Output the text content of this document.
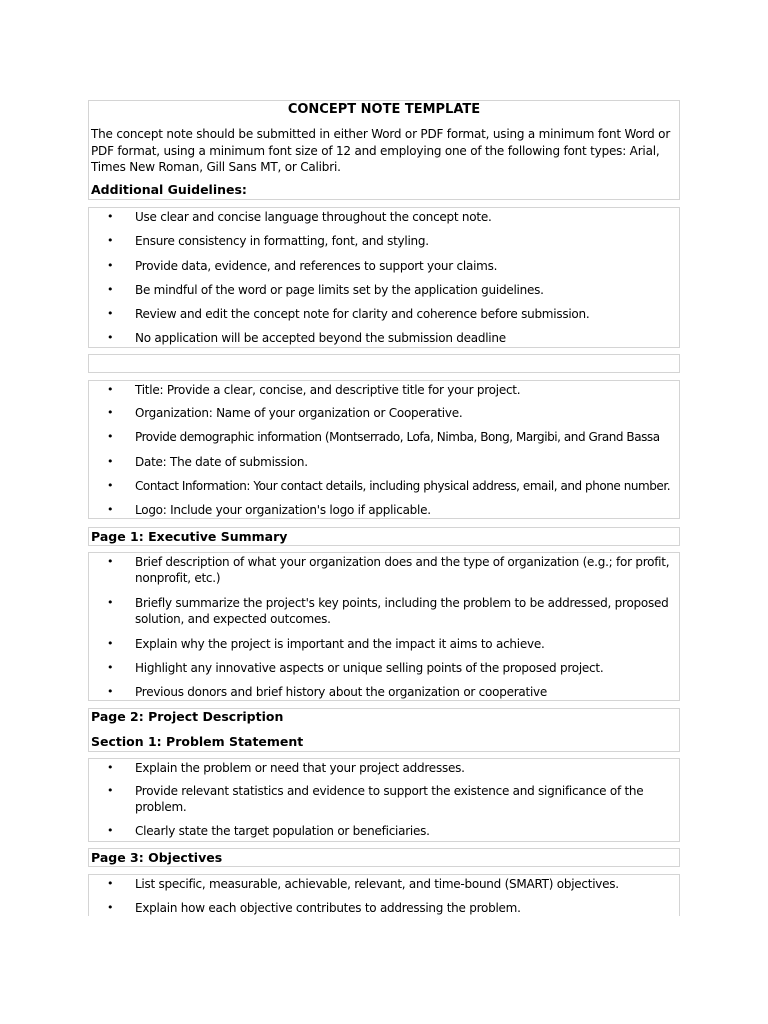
CONCEPT NOTE TEMPLATE
The concept note should be submitted in either Word or PDF format, using a minimum font Word or PDF format, using a minimum font size of 12 and employing one of the following font types: Arial, Times New Roman, Gill Sans MT, or Calibri.
Additional Guidelines:
• Use clear and concise language throughout the concept note.
• Ensure consistency in formatting, font, and styling.
• Provide data, evidence, and references to support your claims.
• Be mindful of the word or page limits set by the application guidelines.
• Review and edit the concept note for clarity and coherence before submission.
• No application will be accepted beyond the submission deadline
• Title: Provide a clear, concise, and descriptive title for your project.
• Organization: Name of your organization or Cooperative.
• Provide demographic information (Montserrado, Lofa, Nimba, Bong, Margibi, and Grand Bassa
• Date: The date of submission.
• Contact Information: Your contact details, including physical address, email, and phone number.
• Logo: Include your organization's logo if applicable.
Page 1: Executive Summary
• Brief description of what your organization does and the type of organization (e.g.; for profit, nonprofit, etc.)
• Briefly summarize the project's key points, including the problem to be addressed, proposed solution, and expected outcomes.
• Explain why the project is important and the impact it aims to achieve.
• Highlight any innovative aspects or unique selling points of the proposed project.
• Previous donors and brief history about the organization or cooperative
Page 2: Project Description
Section 1: Problem Statement
• Explain the problem or need that your project addresses.
• Provide relevant statistics and evidence to support the existence and significance of the problem.
• Clearly state the target population or beneficiaries.
Page 3: Objectives
• List specific, measurable, achievable, relevant, and time-bound (SMART) objectives.
• Explain how each objective contributes to addressing the problem.
